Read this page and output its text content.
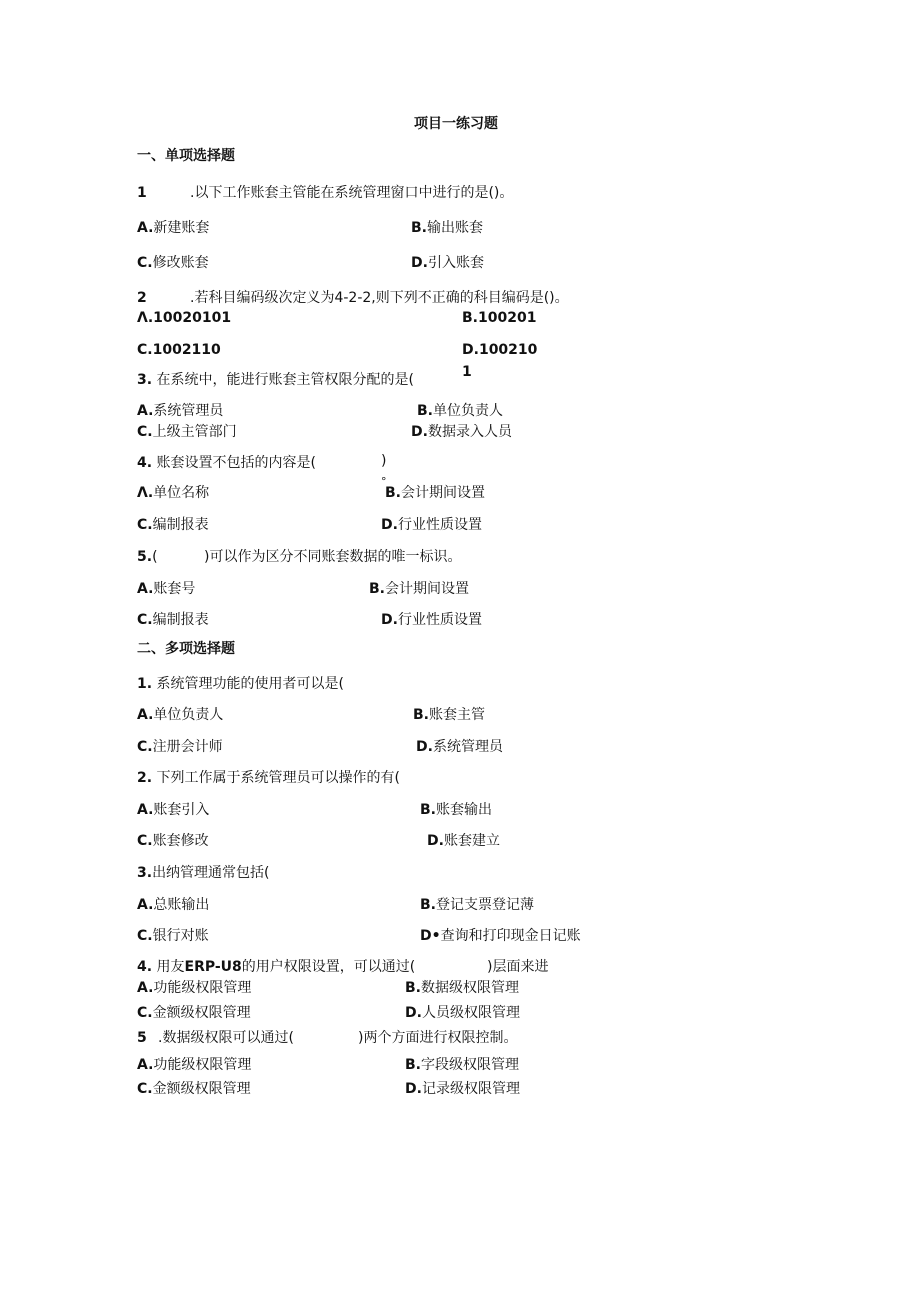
项目一练习题
一、单项选择题
1	.以下工作账套主管能在系统管理窗口中进行的是()。
A.新建账套	B.输出账套
C.修改账套	D.引入账套
2	.若科目编码级次定义为4-2-2,则下列不正确的科目编码是()。
Λ.10020101	B.100201
C.1002110	D.100210
1
3. 在系统中，能进行账套主管权限分配的是(
A.系统管理员	B.单位负责人
C.上级主管部门	D.数据录入人员
4. 账套设置不包括的内容是(	)
°
Λ.单位名称	B.会计期间设置
C.编制报表	D.行业性质设置
5.(	)可以作为区分不同账套数据的唯一标识。
A.账套号	B.会计期间设置
C.编制报表	D.行业性质设置
二、多项选择题
1. 系统管理功能的使用者可以是(
A.单位负责人	B.账套主管
C.注册会计师	D.系统管理员
2. 下列工作属于系统管理员可以操作的有(
A.账套引入	B.账套输出
C.账套修改	D.账套建立
3.出纳管理通常包括(
A.总账输出	B.登记支票登记薄
C.银行对账	D•查询和打印现金日记账
4. 用友ERP-U8的用户权限设置，可以通过(	)层面来进
A.功能级权限管理	B.数据级权限管理
C.金额级权限管理	D.人员级权限管理
5 .数据级权限可以通过(	)两个方面进行权限控制。
A.功能级权限管理	B.字段级权限管理
C.金额级权限管理	D.记录级权限管理
